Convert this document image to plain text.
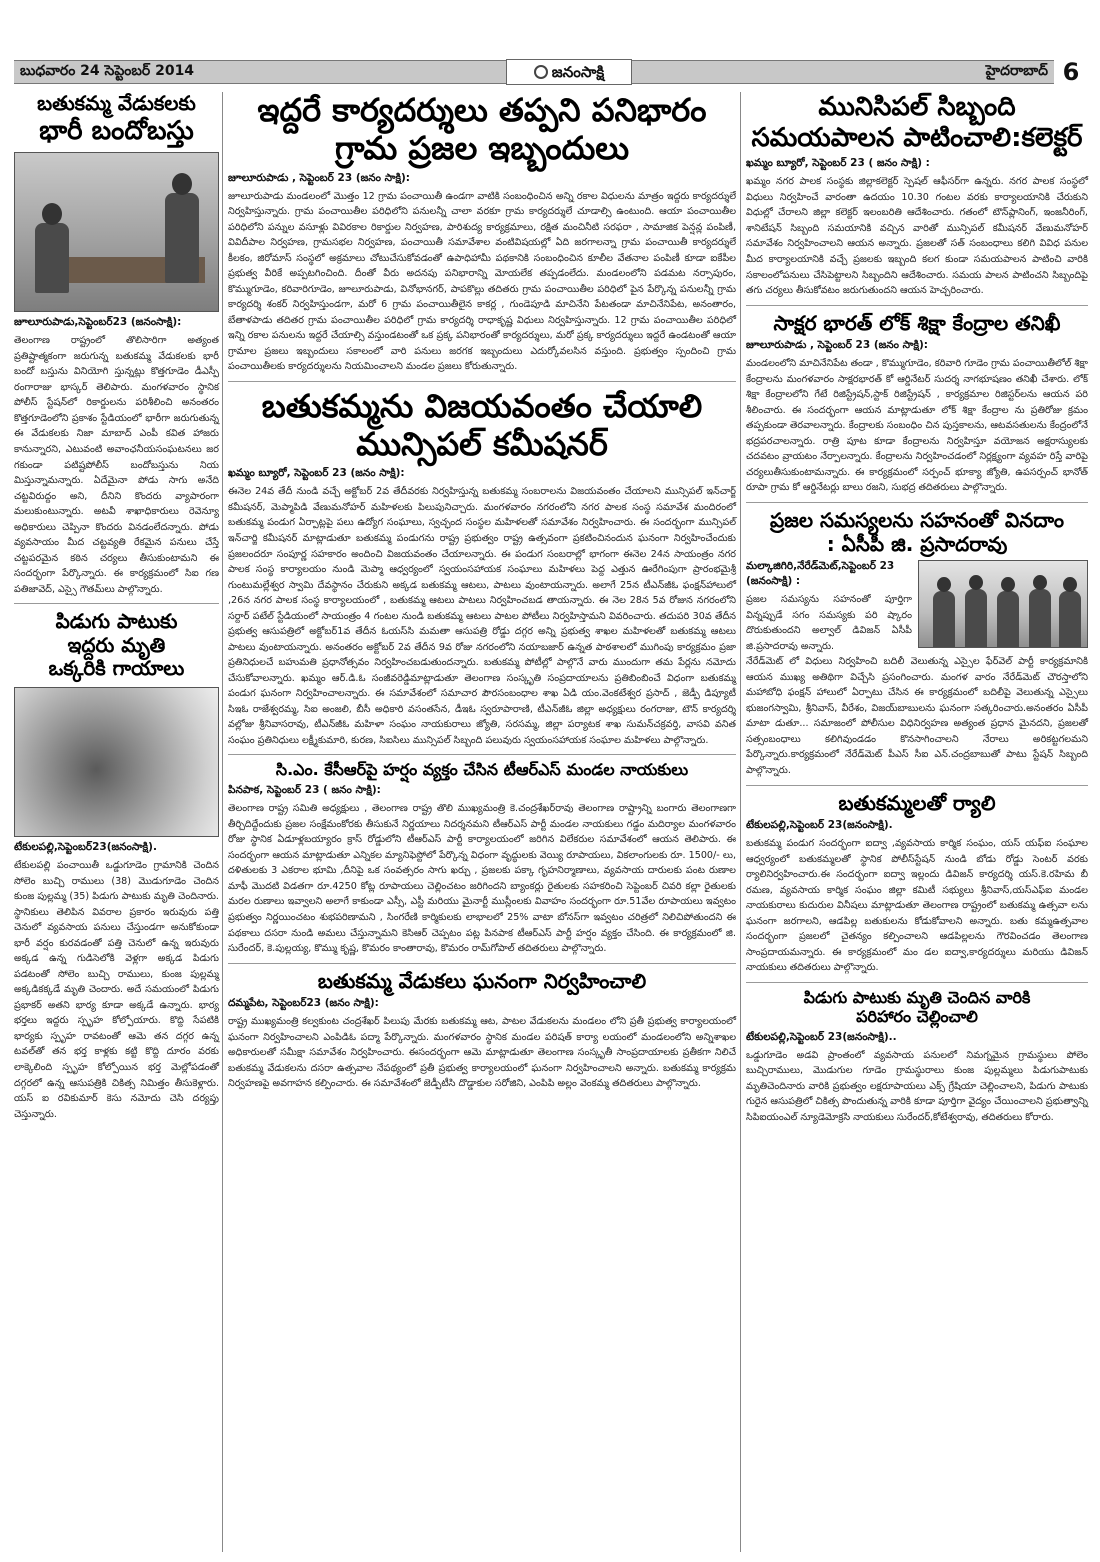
బుధవారం 24 సెప్టెంబర్ 2014	జనంసాక్షి	హైదరాబాద్ 6
బతుకమ్మ వేడుకలకు
భారీ బందోబస్తు
జూలూరుపాడు,సెప్టెంబర్23 (జనంసాక్షి):
తెలంగాణ రాష్ట్రంలో తొలిసారిగా అత్యంత ప్రతిష్టాత్మకంగా జరుగున్న బతుకమ్మ వేడుకలకు భారీ బందో బస్తును వినియోగి స్తున్నట్లు కొత్తగూడెం డీఎస్పీ రంగారాజు భాస్కర్ తెలిపారు. మంగళవారం స్థానిక పోలీస్ స్టేషన్‌లో రికార్డులను పరిశీలించి అనంతరం కొత్తగూడెంలోని ప్రకాశం స్టేడియంలో భారీగా జరుగుతున్న ఈ వేడుకలకు నిజా మాబాద్ ఎంపీ కవిత హాజరు కానున్నారని, ఎటువంటి అవాంఛనీయసంఘటనలు జర గకుండా పటిష్టపోలీస్ బందోబస్తును నియ మిస్తున్నామన్నారు. ఏదేమైనా పోడు సాగు అనేది చట్టవిరుద్దం అని, దీనిని కొందరు వ్యాపారంగా మలుకుంటున్నారు. అటవీ శాఖాధికారులు రెవెన్యూ అధికారులు చెప్పినా కొందరు వినడంలేదన్నారు. పోడు వ్యవసాయం మీద చట్టవ్యతి రేకమైన పనులు చేస్తే చట్టపరమైన కఠిన చర్యలు తీసుకుంటామని ఈ సందర్భంగా పేర్కొన్నారు. ఈ కార్యక్రమంలో సిఐ గణ పతిజావెద్, ఎస్సై గౌతమ్‌లు పాల్గొన్నారు.
పిడుగు పాటుకు
ఇద్దరు మృతి
ఒక్కరికి గాయాలు
టేకులపల్లి,సెప్టెంబర్23(జనంసాక్షి).
టేకులపల్లి పంచాయితీ ఒడ్డుగూడెం గ్రామానికి చెందిన సోలెం బుచ్చి రాములు (38) మొడుగూడెం చెందిన కుంజ పుల్లమ్మ (35) పిడుగు పాటుకు మృతి చెందినారు. స్థానికులు తెలిపిన వివరాల ప్రకారం ఇరువురు పత్తి చెనులో వ్యవసాయ పనులు చేస్తుండగా అనుకోకుండా భారీ వర్షం కురవడంతో పత్తి చెనులో ఉన్న ఇరువురు అక్కడ ఉన్న గుడిసెలోకి వెళ్లగా అక్కడ పిడుగు పడటంతో సోలెం బుచ్చి రాములు, కుంజ పుల్లమ్మ అక్కడికక్కడే మృతి చెందారు. అదే సమయంలో పిడుగు ప్రభాకర్ అతని భార్య కూడా అక్కడే ఉన్నారు. భార్య భర్తలు ఇద్దరు స్పృహ కోల్పోయారు. కొద్ది సేపటికి భార్యకు స్పృహ రావటంతో ఆమె తన దగ్గర ఉన్న టవల్‌తో తన భర్త కాళ్లకు కట్టి కొద్ది దూరం వరకు లాక్కెలింది స్పృహ కోల్పోయిన భర్త మెల్లోపడంతో దగ్గరలో ఉన్న ఆసుపత్రికి చికిత్స నిమిత్తం తీసుకెళ్లారు. యస్ ఐ రవికుమార్ కెసు నమోదు చెసి దర్యప్తు చెస్తున్నారు.
ఇద్దరే కార్యదర్శులు తప్పని పనిభారం
గ్రామ ప్రజల ఇబ్బందులు
జూలూరుపాడు , సెప్టెంబర్ 23 (జనం సాక్షి):
జూలూరుపాడు మండలంలో మొత్తం 12 గ్రామ పంచాయితీ ఉండగా వాటికి సంబంధించిన అన్ని రకాల విధులను మాత్రం ఇద్దరు కార్యదర్శులే నిర్వహిస్తున్నారు. గ్రామ పంచాయితీల పరిధిలోని పనులన్నీ చాలా వరకూ గ్రామ కార్యదర్శులే చూడాల్సి ఉంటుంది. ఆయా పంచాయితీల పరిధిలోని పన్నుల వసూళ్లు వివిరకాల రికార్డుల నిర్వహణ, పారిశుద్య కార్యక్రమాలు, రక్షిత మంచినీటి సరఫరా , సామాజిక పెన్షన్ల పంపిణీ, వివిదీపాల నిర్వహణ, గ్రామసభల నిర్వహణ, పంచాయితీ సమావేశాల వంటివిషయల్లో ఏది జరగాలన్నా గ్రామ పంచాయితీ కార్యదర్శులే కీలకం, జిరోమాస్ సంస్థలో అక్రమాలు చోటుచేసుకోవడంతో ఉపాధిహామీ పథకానికి సంబంధించిన కూలీల వేతనాల పంపిణీ కూడా ఐకేపీల ప్రభుత్వ వీరికే అప్పటగించింది. దీంతో వీరు అదనపు పనిభారాన్ని మోయలేక తప్పడంలేదు. మండలంలోని పడమట నర్సాపురం, కొమ్ముగూడెం, కరివారిగూడెం, జూలూరుపాడు, వినోభానగర్, పాపకొల్లు తదితరు గ్రామ పంచాయితీల పరిధిలో పైన పేర్కొన్న పనులన్నీ గ్రామ కార్యదర్శి శంకర్ నిర్వహిస్తుండగా, మరో 6 గ్రామ పంచాయితీలైన కాకర్ల , గుండెపూడి మాచినేని పేటతండా మాచినేనిపేట, అనంతారం, బేతాళపాడు తదితర గ్రామ పంచాయితీల పరిధిలో గ్రామ కార్యదర్శి రాధాకృష్ణ విధులు నిర్వహిస్తున్నారు. 12 గ్రామ పంచాయితీల పరిధిలో ఇన్ని రకాల పనులను ఇద్దరే చేయాల్సి వస్తుండటంతో ఒక ప్రక్క పనిభారంతో కార్యదర్శులు, మరో ప్రక్క కార్యదర్శులు ఇద్దరే ఉండటంతో ఆయా గ్రామాల ప్రజలు ఇబ్బందులు సకాలంలో వారి పనులు జరగక ఇబ్బందులు ఎదుర్కోవలసిన వస్తుంది. ప్రభుత్వం స్పందించి గ్రామ పంచాయితీలకు కార్యదర్శులను నియమించాలని మండల ప్రజలు కోరుతున్నారు.
బతుకమ్మను విజయవంతం చేయాలి
మున్సిపల్ కమీషనర్
ఖమ్మం బ్యూరో, సెప్టెంబర్ 23 (జనం సాక్షి):
ఈనెల 24వ తేదీ నుండి వచ్చే అక్టోబర్ 2వ తేదీవరకు నిర్వహిస్తున్న బతుకమ్మ సంబరాలను విజయవంతం చేయాలని మున్సిపల్ ఇన్‌చార్జ్ కమీషనర్, మెప్మాపిడి వేణుమనోహర్ మహిళలకు పిలుపునిచ్చారు. మంగళవారం నగరంలోని నగర పాలక సంస్థ సమావేశ మందిరంలో బతుకమ్మ పండుగ ఏర్పాట్లపై పలు ఉద్యోగ సంఘాలు, స్వచ్ఛంద సంస్థల మహిళలతో సమావేశం నిర్వహించారు. ఈ సందర్భంగా మున్సిపల్ ఇన్‌చార్జి కమీషనర్ మాట్లాడుతూ బతుకమ్మ పండుగను రాష్ట్ర ప్రభుత్వం రాష్ట్ర ఉత్సవంగా ప్రకటించినందున ఘనంగా నిర్వహించేందుకు ప్రజలందరూ సంపూర్ణ సహకారం అందించి విజయవంతం చేయాలన్నారు. ఈ పండుగ సంబరాల్లో భాగంగా ఈనెల 24న సాయంత్రం నగర పాలక సంస్థ కార్యాలయం నుండి మెప్మా ఆధ్వర్యంలో స్వయంసహాయక సంఘాలు మహిళలు పెద్ద ఎత్తున ఊరేగింపుగా ప్రారంభమైశ్రీ గుంటుమల్లేశ్వర స్వామి దేవస్థానం చేరుకుని అక్కడ బతుకమ్మ ఆటలు, పాటలు వుంటాయన్నారు. అలాగే 25న టీఎన్‌జీఓ ఫంక్షన్‌హాలులో ,26న నగర పాలక సంస్థ కార్యాలయంలో , బతుకమ్మ ఆటలు పాటలు నిర్వహించబడ తాయన్నారు. ఈ నెల 28న 5వ రోజున నగరంలోని సర్దార్ పటేల్ స్టేడియంలో సాయంత్రం 4 గంటల నుండి బతుకమ్మ ఆటలు పాటల పోటీలు నిర్వహిస్తామని వివరించారు. తదుపరి 30వ తేదీన ప్రభుత్వ ఆసుపత్రిలో అక్టోబర్1వ తేదీన ఓయస్‌సి మమతా ఆసుపత్రి రోడ్డు దగ్గర అన్ని ప్రభుత్వ శాఖల మహిళలతో బతుకమ్మ ఆటలు పాటలు వుంటాయన్నారు. అనంతరం అక్టోబర్ 2వ తేదీన 9వ రోజు నగరంలోని నయాబజార్ ఉన్నత పాఠశాలలో ముగింపు కార్యక్రమం ప్రజా ప్రతినిధులచే బహుమతి ప్రధానోత్సవం నిర్వహించబడుతుందన్నారు. బతుకమ్మ పోటీల్లో పాల్గొనే వారు ముందుగా తమ పేర్లను నమోదు చేసుకోవాలన్నారు. ఖమ్మం ఆర్.డి.ఓ సంజీవరెడ్డిమాట్లాడుతూ తెలంగాణ సంస్కృతి సంప్రదాయాలను ప్రతిబింబించే విధంగా బతుకమ్మ పండుగ ఘనంగా నిర్వహించాలన్నారు. ఈ సమావేశంలో సమాచార పౌరసంబంధాల శాఖ ఏడి యం.వెంకటేశ్వర ప్రసాద్ , జెడ్పీ డిప్యూటీ సిఇఓ రాజేశ్వరమ్మ, సిఐ అంజలి, బీసీ అధికారి వసంతసేన, డీఇఓ స్వరూపారాణి, టీఎన్‌జీఓ జిల్లా అధ్యక్షులు రంగరాజు, టౌన్ కార్యదర్శి వల్లోజు శ్రీనివాసరావు, టీఎన్‌జీఓ మహిళా సంఘం నాయకురాలు జ్యోతి, సరసమ్మ, జిల్లా పర్యాటక శాఖ సుమన్‌చక్రవర్తి, వాసవి వనిత సంఘం ప్రతినిధులు లక్ష్మీకుమారి, కురణ, సిఐసిలు మున్సిపల్ సిబ్బంది పలువురు స్వయంసహాయక సంఘాల మహిళలు పాల్గొన్నారు.
సి.ఎం. కేసీఆర్‌పై హర్షం వ్యక్తం చేసిన టీఆర్ఎస్ మండల నాయకులు
పినపాక, సెప్టెంబర్ 23 ( జనం సాక్షి):
తెలంగాణ రాష్ట్ర సమితి అధ్యక్షులు , తెలంగాణ రాష్ట్ర తొలి ముఖ్యమంత్రి కె.చంద్రశేఖర్‌రావు తెలంగాణ రాష్ట్రాన్ని బంగారు తెలంగాణగా తీర్చిదిద్దేందుకు ప్రజల సంక్షేమంకోరకు తీసుకునే నిర్ణయాలు నిదర్శనమని టీఆర్ఎస్ పార్టీ మండల నాయకులు గడ్డం మదిర్యాల మంగళవారం రోజు స్థానిక ఏడూళ్లబయ్యారం క్రాస్ రోడ్డులోని టీఆర్ఎస్ పార్టీ కార్యాలయంలో జరిగిన విలేకరుల సమావేశంలో ఆయన తెలిపారు. ఈ సందర్భంగా ఆయన మాట్లాడుతూ ఎన్నికల మ్యానిఫెస్టోలో పేర్కొన్న విధంగా వృద్ధులకు వెయ్యి రూపాయలు, వికలాంగులకు రూ. 1500/- లు, దళితులకు 3 ఎకరాల భూమి ,దీనిపై ఒక సంవత్సరం సాగు ఖర్చు , ప్రజలకు పక్కా గృహనిర్మాణాలు, వ్యవసాయ దారులకు పంట రుణాల మాఫీ మొదటి విడతగా రూ.4250 కోట్ల రూపాయలు చెల్లించటం జరిగిందని బ్యాంకర్లు రైతులకు సహకరించి సెప్టెంబర్ చివరి కల్లా రైతులకు మరల రుణాలు ఇవ్వాలని అలాగే కాకుండా ఎస్సీ, ఎస్టీ మరియు మైనార్టీ ముస్లీంలకు వివాహం సందర్భంగా రూ.51వేల రూపాయలు ఇవ్వటం ప్రభుత్వం నిర్ణయించటం శుభపరిణామని , సింగరేణి కార్మికులకు లాభాలలో 25% వాటా బోనస్‌గా ఇవ్వటం చరిత్రలో నిలిచిపోతుందని ఈ పథకాలు దసరా నుండి అమలు చేస్తున్నామని కెసిఆర్ చెప్పటం పట్ల పినపాక టీఆర్ఎస్ పార్టీ హర్షం వ్యక్తం చేసింది. ఈ కార్యక్రమంలో జి. సురేందర్, కె.పుల్లయ్య, కొమ్ము కృష్ణ, కొమరం కాంతారావు, కొమరం రామ్‌గోపాల్ తదితరులు పాల్గొన్నారు.
బతుకమ్మ వేడుకలు ఘనంగా నిర్వహించాలి
దమ్మపేట, సెప్టెంబర్23 (జనం సాక్షి):
రాష్ట్ర ముఖ్యమంత్రి కల్వకుంట చంద్రశేఖర్ పిలుపు మేరకు బతుకమ్మ ఆట, పాటల వేడుకలను మండలం లోని ప్రతీ ప్రభుత్వ కార్యాలయంలో ఘనంగా నిర్వహించాలని ఎంపిడిఓ పద్మా పేర్కొన్నారు. మంగళవారం స్థానిక మండల పరిషత్ కార్యా లయంలో మండలంలోని అన్నిశాఖల అధికారులతో సమీక్షా సమావేశం నిర్వహించారు. ఈసందర్భంగా ఆమె మాట్లాడుతూ తెలంగాణ సంస్కృతీ సాంప్రదాయాలకు ప్రతీకగా నిలిచే బతుకమ్మ వేడుకలను దసరా ఉత్సవాల నేపథ్యంలో ప్రతీ ప్రభుత్వ కార్యాలయంలో ఘనంగా నిర్వహించాలని అన్నారు. బతుకమ్మ కార్యక్రమ నిర్వహణపై అవగాహన కల్పించారు. ఈ సమావేశంలో జెడ్పీటీసి దొడ్డాకుల సరోజిని, ఎంపిపి అల్లం వెంకమ్మ తదితరులు పాల్గొన్నారు.
మునిసిపల్ సిబ్బంది
సమయపాలన పాటించాలి:కలెక్టర్
ఖమ్మం బ్యూరో, సెప్టెంబర్ 23 ( జనం సాక్షి) :
ఖమ్మం నగర పాలక సంస్థకు జిల్లాకలెక్టర్ స్పెషల్ ఆఫీసర్‌గా ఉన్నరు. నగర పాలక సంస్థలో విధులు నిర్వహించే వారంతా ఉదయం 10.30 గంటల వరకు కార్యాలయానికి చేరుకుని విధుల్లో చేరాలని జిల్లా కలెక్టర్ ఇలంబరితి ఆదేశించారు. గతంలో టౌన్‌ప్లానింగ్, ఇంజనీరింగ్, శానిటేషన్ సిబ్బంది సమయానికి వచ్చిన వారితో మున్సిపల్ కమీషనర్ వేణుమనోహర్ సమావేశం నిర్వహించాలని ఆయన అన్నారు. ప్రజలతో సత్ సంబంధాలు కలిగి వివిధ పనుల మీద కార్యాలయానికి వచ్చే ప్రజలకు ఇబ్బంది కలగ కుండా సమయపాలన పాటించి వారికి సకాలంలోపనులు చేసిపెట్టాలని సిబ్బందిని ఆదేశించారు. సమయ పాలన పాటించని సిబ్బందిపై తగు చర్యలు తీసుకోవటం జరుగుతుందని ఆయన హెచ్చరించారు.
సాక్షర భారత్ లోక్ శిక్షా కేంద్రాల తనిఖీ
జూలూరుపాడు , సెప్టెంబర్ 23 (జనం సాక్షి):
మండలంలోని మాచినేనిపేట తండా , కొమ్ముగూడెం, కరివారి గూడెం గ్రామ పంచాయితీలోల్ శిక్షా కేంద్రాలను మంగళవారం సాక్షరభారత్ కో ఆర్డినేటర్ సుదర్శ నాగభూషణం తనిఖీ చేశారు. లోక్ శిక్షా కేంద్రాలలోని గేటే రిజిస్ట్రేషన్,స్టాక్ రిజిస్ట్రేషన్ , కార్యక్రమాల రిజిస్టర్‌లను ఆయన పరి శీలించారు. ఈ సందర్భంగా ఆయన మాట్లాడుతూ లోక్ శిక్షా కేంద్రాల ను ప్రతిరోజు క్రమం తప్పకుండా తెరవాలన్నారు. కేంద్రాలకు సంబంధిం చిన పుస్తకాలను, ఆటవసతులను కేంద్రంలోనే భద్రపరచాలన్నారు. రాత్రి పూట కూడా కేంద్రాలను నిర్వహిస్తూ వయోజన అక్షరాస్యులకు చదవటం వ్రాయటం నేర్పాలన్నారు. కేంద్రాలను నిర్వహించడంలో నిర్లక్ష్యంగా వ్యవహ రిస్తే వారిపై చర్యలుతీసుకుంటామన్నారు. ఈ కార్యక్రమంలో సర్పంచ్ భూక్యా జ్యోతి, ఉపసర్పంచ్ భానోత్ రూపా గ్రామ కో ఆర్డినేటర్లు బాలు రజని, సుభద్ర తదితరులు పాల్గొన్నారు.
ప్రజల సమస్యలను సహనంతో వినదాం
: ఏసీపీ జి. ప్రసాదరావు
మల్కాజిగిరి,నేరేడ్‌మెట్,సెప్టెంబర్ 23 (జనంసాక్షి) :
ప్రజల సమస్యను సహనంతో పూర్తిగా విన్నప్పుడే సగం సమస్యకు పరి ష్కారం దొరుకుతుందని అల్వాల్ డివిజన్ ఏసీపీ జి.ప్రసాదరావు అన్నారు.
నేరేడ్‌మెట్ లో విధులు నిర్వహించి బదిలీ వెలుతున్న ఎస్సైల ఫేర్‌వెల్ పార్టీ కార్యక్రమానికి ఆయన ముఖ్య అతిథిగా విచ్చేసి ప్రసంగించారు. మంగళ వారం నేరేడ్‌మెట్ చౌరస్తాలోని మహాబోధి ఫంక్షన్ హాలులో ఏర్పాటు చేసిన ఈ కార్యక్రమంలో బదిలీపై వెలుతున్న ఎస్సైలు భుజంగస్వామి, శ్రీనివాస్, వీరేశం, విజయ్‌బాబులను ఘనంగా సత్కరించారు.అనంతరం ఏసీపీ మాటా డుతూ... సమాజంలో పోలీసుల విధినిర్వహణ అత్యంత ప్రధాన మైనదని, ప్రజలతో సత్సంబంధాలు కలిగివుండడం కొనసాగించాలని నేరాలు అరికట్టగలమని పేర్కొన్నారు.కార్యక్రమంలో నేరేడ్‌మెట్ పీఎస్ సీఐ ఎన్.చంద్రబాబుతో పాటు స్టేషన్ సిబ్బంది పాల్గొన్నారు.
బతుకమ్మలతో ర్యాలి
టేకులపల్లి,సెప్టెంబర్ 23(జనంసాక్షి).
బతుకమ్మ పండుగ సందర్భంగా ఐద్వా ,వ్యవసాయ కార్మిక సంఘం, యస్ యఫ్ఐ సంఘాల ఆధ్వర్యంలో బతుకమ్మలతో స్థానిక పోలీస్‌స్టేషన్ నుండి బోడు రోడ్డు సెంటర్ వరకు ర్యాలినిర్వహించారు.ఈ సందర్భంగా ఐద్వా ఇల్లందు డివిజన్ కార్యదర్శి యస్.కె.రహిమ బీ రమణ, వ్యవసాయ కార్మిక సంఘం జిల్లా కమిటీ సభ్యులు శ్రీనివాస్,యస్‌ఎఫ్ఐ మండల నాయకురాలు కుదురుల వినీషలు మాట్లాడుతూ తెలంగాణ రాష్ట్రంలో బతుకమ్మ ఉత్సవా లను ఘనంగా జరగాలని, ఆడపిల్ల బతుకులను కోడుకోవాలని అన్నారు. బతు కమ్మఉత్సవాల సందర్భంగా ప్రజలలో చైతన్యం కల్పించాలని ఆడపిల్లలను గౌరవించడం తెలంగాణ సాంప్రదాయమన్నారు. ఈ కార్యక్రమంలో మం డల ఐద్వా,కార్యదర్శులు మరియు డివిజన్ నాయకులు తదితరులు పాల్గొన్నారు.
పిడుగు పాటుకు మృతి చెందిన వారికి
పరిహారం చెల్లించాలి
టేకులపల్లి,సెప్టెంబర్ 23(జనంసాక్షి)..
ఒడ్డుగూడెం అడవి ప్రాంతంలో వ్యవసాయ పనులలో నిమగ్నమైన గ్రామస్థులు పోలెం బుచ్చిరాములు, మొడుగుల గూడెం గ్రామస్థురాలు కుంజ పుల్లమ్మలు పిడుగుపాటుకు మృతిచెందినారు వారికి ప్రభుత్వం లక్షరూపాయలు ఎక్స్ గ్రేషియా చెల్లించాలని, పిడుగు పాటుకు గురైన ఆసుపత్రిలో చికిత్స పొందుతున్న వారికి కూడా పూర్తిగా వైద్యం చేయించాలని ప్రభుత్వాన్ని సిపిఐయంఎల్ న్యూడెమోక్రసి నాయకులు సురేందర్,కోటేశ్వరావు, తదితరులు కోరారు.
